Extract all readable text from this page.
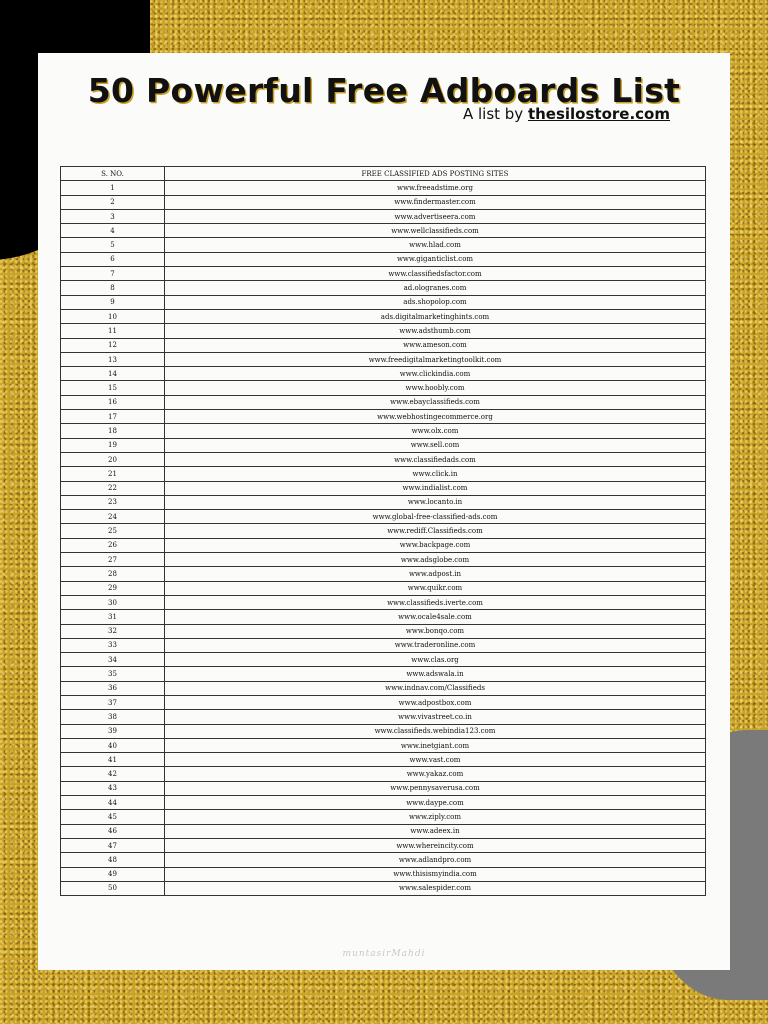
50 Powerful Free Adboards List
A list by thesilostore.com
S. NO.	FREE CLASSIFIED ADS POSTING SITES
1	www.freeadstime.org
2	www.findermaster.com
3	www.advertiseera.com
4	www.wellclassifieds.com
5	www.hlad.com
6	www.giganticlist.com
7	www.classifiedsfactor.com
8	ad.ologranes.com
9	ads.shopolop.com
10	ads.digitalmarketinghints.com
11	www.adsthumb.com
12	www.ameson.com
13	www.freedigitalmarketingtoolkit.com
14	www.clickindia.com
15	www.hoobly.com
16	www.ebayclassifieds.com
17	www.webhostingecommerce.org
18	www.olx.com
19	www.sell.com
20	www.classifiedads.com
21	www.click.in
22	www.indialist.com
23	www.locanto.in
24	www.global-free-classified-ads.com
25	www.rediff.Classifieds.com
26	www.backpage.com
27	www.adsglobe.com
28	www.adpost.in
29	www.quikr.com
30	www.classifieds.iverte.com
31	www.ocale4sale.com
32	www.bonqo.com
33	www.traderonline.com
34	www.clas.org
35	www.adswala.in
36	www.indnav.com/Classifieds
37	www.adpostbox.com
38	www.vivastreet.co.in
39	www.classifieds.webindia123.com
40	www.inetgiant.com
41	www.vast.com
42	www.yakaz.com
43	www.pennysaverusa.com
44	www.daype.com
45	www.ziply.com
46	www.adeex.in
47	www.whereincity.com
48	www.adlandpro.com
49	www.thisismyindia.com
50	www.salespider.com
muntasirMahdi
